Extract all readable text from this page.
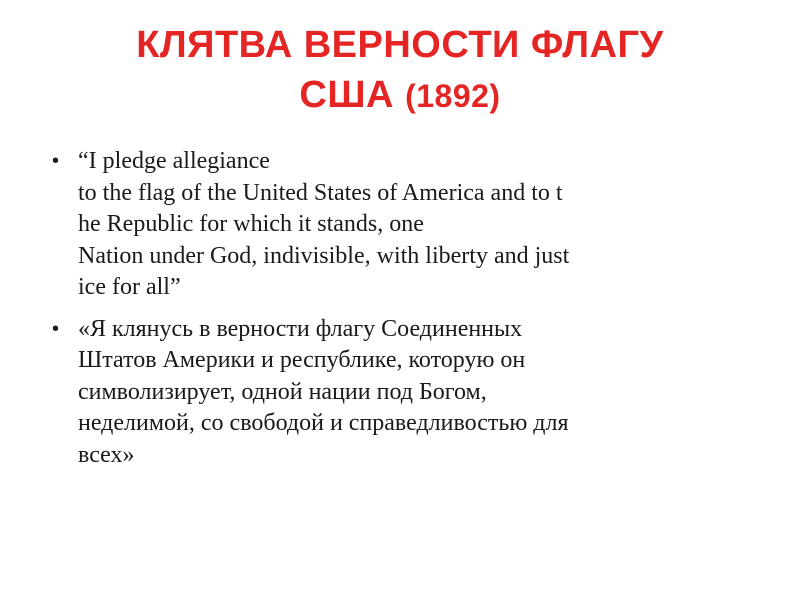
КЛЯТВА ВЕРНОСТИ ФЛАГУ
США (1892)
• “I pledge allegiance
to the flag of the United States of America and to t
he Republic for which it stands, one
Nation under God, indivisible, with liberty and just
ice for all”
• «Я клянусь в верности флагу Соединенных
Штатов Америки и республике, которую он
символизирует, одной нации под Богом,
неделимой, со свободой и справедливостью для
всех»
